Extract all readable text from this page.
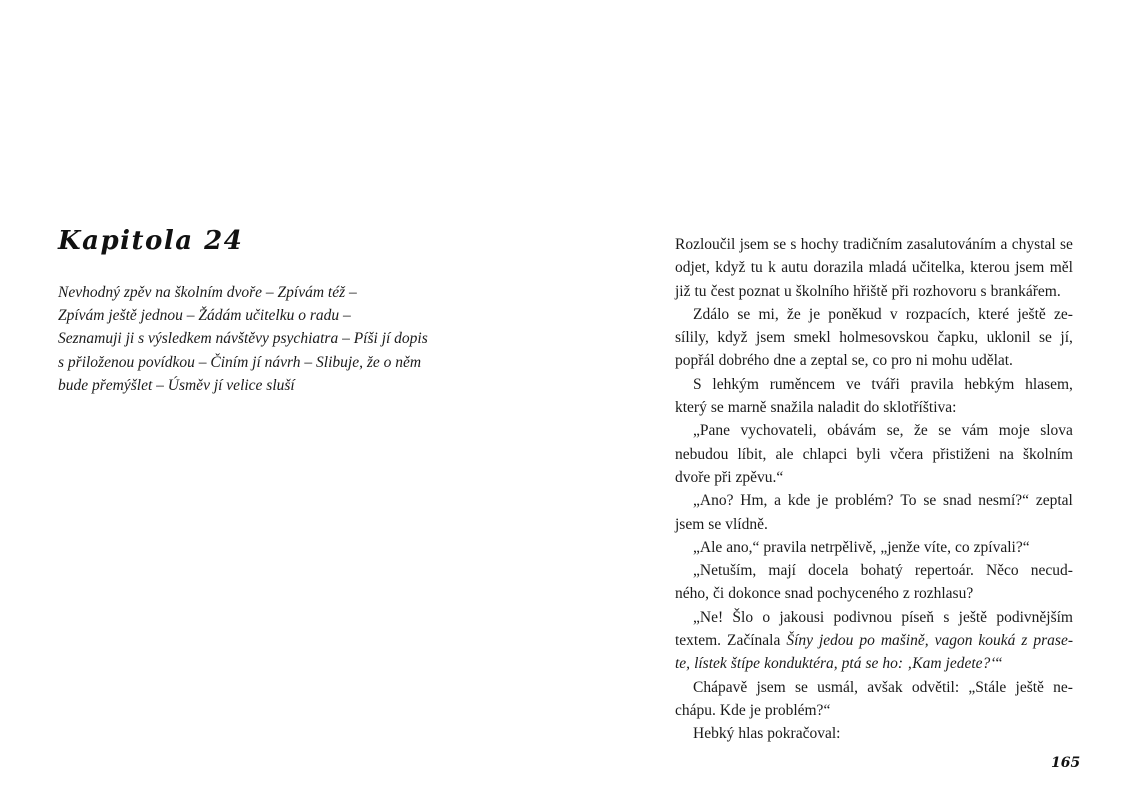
Kapitola 24
Nevhodný zpěv na školním dvoře – Zpívám též –
Zpívám ještě jednou – Žádám učitelku o radu –
Seznamuji ji s výsledkem návštěvy psychiatra – Píši jí dopis
s přiloženou povídkou – Činím jí návrh – Slibuje, že o něm
bude přemýšlet – Úsměv jí velice sluší
Rozloučil jsem se s hochy tradičním zasalutováním a chystal se
odjet, když tu k autu dorazila mladá učitelka, kterou jsem měl
již tu čest poznat u školního hřiště při rozhovoru s brankářem.
Zdálo se mi, že je poněkud v rozpacích, které ještě ze-
sílily, když jsem smekl holmesovskou čapku, uklonil se jí,
popřál dobrého dne a zeptal se, co pro ni mohu udělat.
S lehkým ruměncem ve tváři pravila hebkým hlasem,
který se marně snažila naladit do sklotříštiva:
„Pane vychovateli, obávám se, že se vám moje slova
nebudou líbit, ale chlapci byli včera přistiženi na školním
dvoře při zpěvu.“
„Ano? Hm, a kde je problém? To se snad nesmí?“ zeptal
jsem se vlídně.
„Ale ano,“ pravila netrpělivě, „jenže víte, co zpívali?“
„Netuším, mají docela bohatý repertoár. Něco necud-
ného, či dokonce snad pochyceného z rozhlasu?
„Ne! Šlo o jakousi podivnou píseň s ještě podivnějším
textem. Začínala Šíny jedou po mašině, vagon kouká z prase-
te, lístek štípe konduktéra, ptá se ho: ‚Kam jedete?‘“
Chápavě jsem se usmál, avšak odvětil: „Stále ještě ne-
chápu. Kde je problém?“
Hebký hlas pokračoval:
165
